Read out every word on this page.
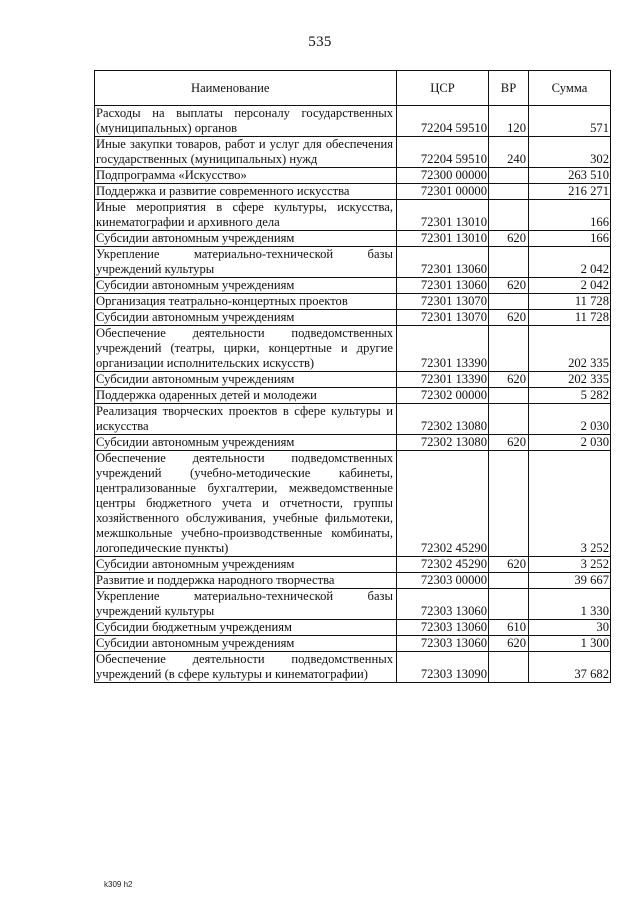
535
Наименование	ЦСР	ВР	Сумма
Расходы на выплаты персоналу государственных (муниципальных) органов	72204 59510	120	571
Иные закупки товаров, работ и услуг для обеспечения государственных (муниципальных) нужд	72204 59510	240	302
Подпрограмма «Искусство»	72300 00000		263 510
Поддержка и развитие современного искусства	72301 00000		216 271
Иные мероприятия в сфере культуры, искусства, кинематографии и архивного дела	72301 13010		166
Субсидии автономным учреждениям	72301 13010	620	166
Укрепление материально-технической базы учреждений культуры	72301 13060		2 042
Субсидии автономным учреждениям	72301 13060	620	2 042
Организация театрально-концертных проектов	72301 13070		11 728
Субсидии автономным учреждениям	72301 13070	620	11 728
Обеспечение деятельности подведомственных учреждений (театры, цирки, концертные и другие организации исполнительских искусств)	72301 13390		202 335
Субсидии автономным учреждениям	72301 13390	620	202 335
Поддержка одаренных детей и молодежи	72302 00000		5 282
Реализация творческих проектов в сфере культуры и искусства	72302 13080		2 030
Субсидии автономным учреждениям	72302 13080	620	2 030
Обеспечение деятельности подведомственных учреждений (учебно-методические кабинеты, централизованные бухгалтерии, межведомственные центры бюджетного учета и отчетности, группы хозяйственного обслуживания, учебные фильмотеки, межшкольные учебно-производственные комбинаты, логопедические пункты)	72302 45290		3 252
Субсидии автономным учреждениям	72302 45290	620	3 252
Развитие и поддержка народного творчества	72303 00000		39 667
Укрепление материально-технической базы учреждений культуры	72303 13060		1 330
Субсидии бюджетным учреждениям	72303 13060	610	30
Субсидии автономным учреждениям	72303 13060	620	1 300
Обеспечение деятельности подведомственных учреждений (в сфере культуры и кинематографии)	72303 13090		37 682
k309 h2
